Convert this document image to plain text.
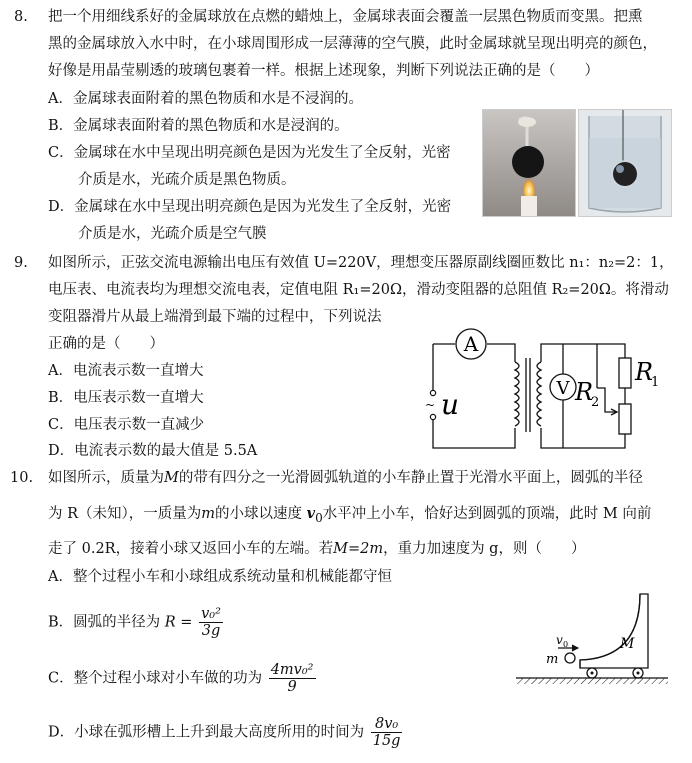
8. 把一个用细线系好的金属球放在点燃的蜡烛上，金属球表面会覆盖一层黑色物质而变黑。把熏
黑的金属球放入水中时，在小球周围形成一层薄薄的空气膜，此时金属球就呈现出明亮的颜色，
好像是用晶莹剔透的玻璃包裹着一样。根据上述现象，判断下列说法正确的是（　　）
A．金属球表面附着的黑色物质和水是不浸润的。
B．金属球表面附着的黑色物质和水是浸润的。
C．金属球在水中呈现出明亮颜色是因为光发生了全反射，光密
介质是水，光疏介质是黑色物质。
D．金属球在水中呈现出明亮颜色是因为光发生了全反射，光密
介质是水，光疏介质是空气膜
9. 如图所示，正弦交流电源输出电压有效值 U=220V，理想变压器原副线圈匝数比 n₁：n₂=2：1，
电压表、电流表均为理想交流电表，定值电阻 R₁=20Ω，滑动变阻器的总阻值 R₂=20Ω。将滑动
变阻器滑片从最上端滑到最下端的过程中，下列说法
正确的是（　　）
A．电流表示数一直增大
B．电压表示数一直增大
C．电压表示数一直减少
D．电流表示数的最大值是 5.5A
A
V
~ u
R
1
R
2
10. 如图所示，质量为M的带有四分之一光滑圆弧轨道的小车静止置于光滑水平面上，圆弧的半径
为 R（未知），一质量为m的小球以速度 $v_0$水平冲上小车，恰好达到圆弧的顶端，此时 M 向前
走了 0.2R，接着小球又返回小车的左端。若M=2m，重力加速度为 g，则（　　）
A．整个过程小车和小球组成系统动量和机械能都守恒
B．圆弧的半径为 $R = \frac{\text{v₀²}}{3g}$
C．整个过程小球对小车做的功为 $\frac{\text{4mv₀²}}{9}$
D．小球在弧形槽上上升到最大高度所用的时间为 $\frac{\text{8v₀}}{15g}$
v 0
m
M
